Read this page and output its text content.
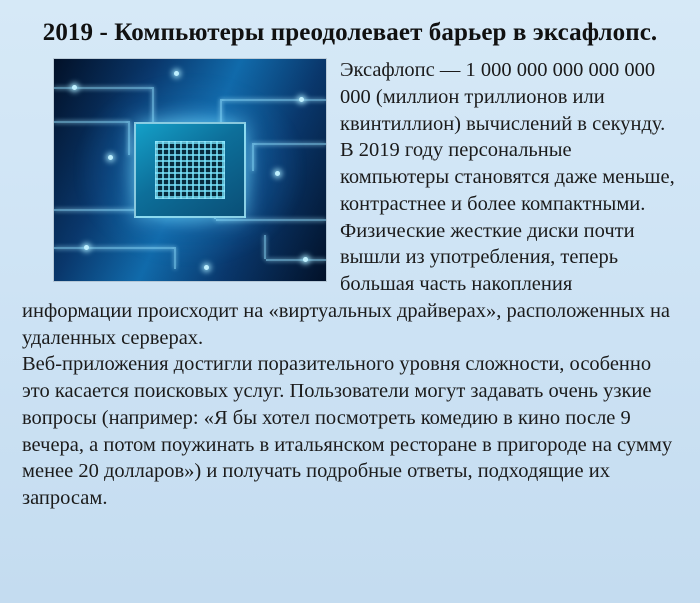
2019 - Компьютеры преодолевает барьер в эксафлопс.

Эксафлопс — 1 000 000 000 000 000 000 (миллион триллионов или квинтиллион) вычислений в секунду. В 2019 году персональные компьютеры становятся даже меньше, контрастнее и более компактными. Физические жесткие диски почти вышли из употребления, теперь большая часть накопления информации происходит на «виртуальных драйверах», расположенных на удаленных серверах.

Веб-приложения достигли поразительного уровня сложности, особенно это касается поисковых услуг. Пользователи могут задавать очень узкие вопросы (например: «Я бы хотел посмотреть комедию в кино после 9 вечера, а потом поужинать в итальянском ресторане в пригороде на сумму менее 20 долларов») и получать подробные ответы, подходящие их запросам.
